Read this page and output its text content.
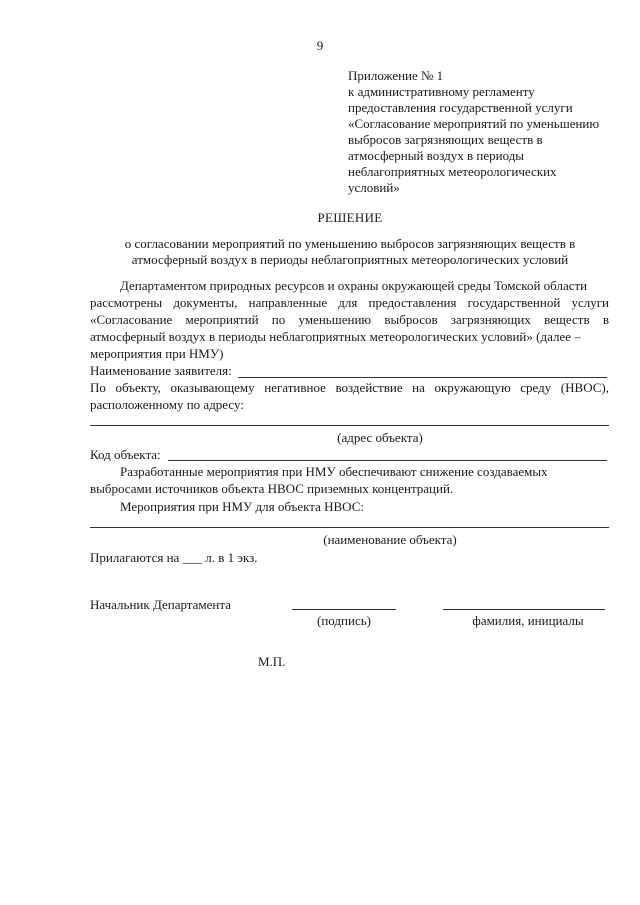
9
Приложение № 1
к административному регламенту
предоставления государственной услуги
«Согласование мероприятий по уменьшению
выбросов загрязняющих веществ в
атмосферный воздух в периоды
неблагоприятных метеорологических
условий»
РЕШЕНИЕ
о согласовании мероприятий по уменьшению выбросов загрязняющих веществ в
атмосферный воздух в периоды неблагоприятных метеорологических условий
Департаментом природных ресурсов и охраны окружающей среды Томской области
рассмотрены документы, направленные для предоставления государственной услуги
«Согласование мероприятий по уменьшению выбросов загрязняющих веществ в
атмосферный воздух в периоды неблагоприятных метеорологических условий» (далее –
мероприятия при НМУ)
Наименование заявителя:
По объекту, оказывающему негативное воздействие на окружающую среду (НВОС),
расположенному по адресу:
(адрес объекта)
Код объекта:
Разработанные мероприятия при НМУ обеспечивают снижение создаваемых
выбросами источников объекта НВОС приземных концентраций.
Мероприятия при НМУ для объекта НВОС:
(наименование объекта)
Прилагаются на ___ л. в 1 экз.
Начальник Департамента
(подпись)	фамилия, инициалы
М.П.
